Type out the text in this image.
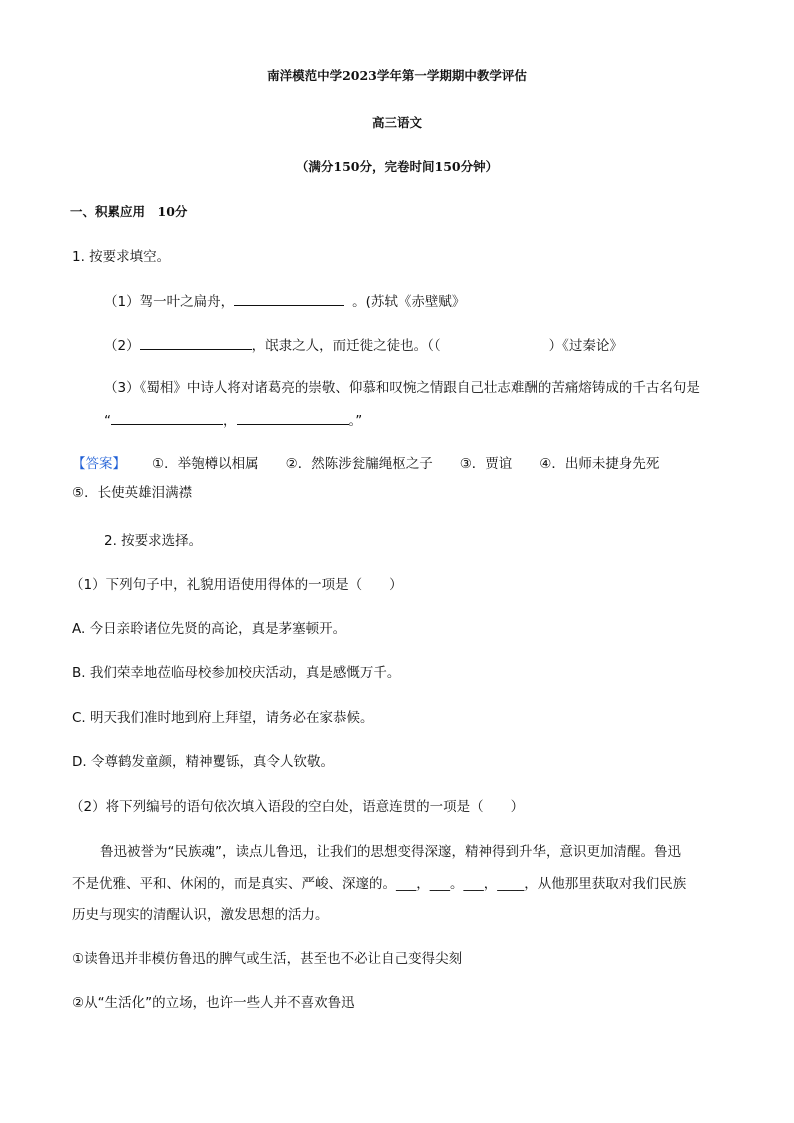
南洋模范中学2023学年第一学期期中教学评估
高三语文
（满分150分，完卷时间150分钟）
一、积累应用　10分
1. 按要求填空。
（1）驾一叶之扁舟，	。(苏轼《赤壁赋》
（2）	，氓隶之人，而迁徙之徒也。（（	）《过秦论》
（3）《蜀相》中诗人将对诸葛亮的崇敬、仰慕和叹惋之情跟自己壮志难酬的苦痛熔铸成的千古名句是
“	，	。”
【答案】 ①．举匏樽以相属　　②．然陈涉瓮牖绳枢之子　　③．贾谊　　④．出师未捷身先死
⑤．长使英雄泪满襟
2. 按要求选择。
（1）下列句子中，礼貌用语使用得体的一项是（　　）
A. 今日亲聆诸位先贤的高论，真是茅塞顿开。
B. 我们荣幸地莅临母校参加校庆活动，真是感慨万千。
C. 明天我们准时地到府上拜望，请务必在家恭候。
D. 令尊鹤发童颜，精神矍铄，真令人钦敬。
（2）将下列编号的语句依次填入语段的空白处，语意连贯的一项是（　　）
鲁迅被誉为“民族魂”，读点儿鲁迅，让我们的思想变得深邃，精神得到升华，意识更加清醒。鲁迅
不是优雅、平和、休闲的，而是真实、严峻、深邃的。___，___。___，____，从他那里获取对我们民族
历史与现实的清醒认识，激发思想的活力。
①读鲁迅并非模仿鲁迅的脾气或生活，甚至也不必让自己变得尖刻
②从“生活化”的立场，也许一些人并不喜欢鲁迅
